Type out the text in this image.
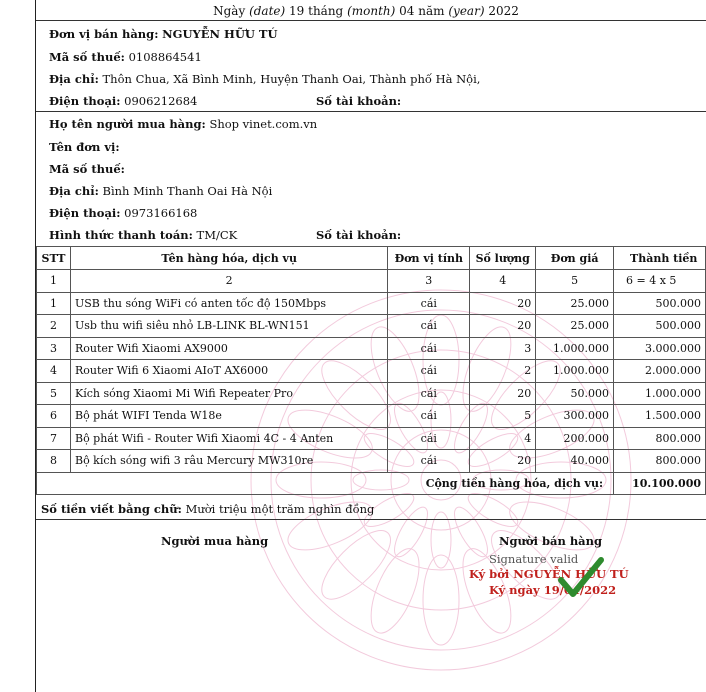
Ngày (date) 19 tháng (month) 04 năm (year) 2022
Đơn vị bán hàng: NGUYỄN HỮU TÚ
Mã số thuế: 0108864541
Địa chỉ: Thôn Chua, Xã Bình Minh, Huyện Thanh Oai, Thành phố Hà Nội,
Điện thoại: 0906212684	Số tài khoản:
Họ tên người mua hàng: Shop vinet.com.vn
Tên đơn vị:
Mã số thuế:
Địa chỉ: Bình Minh Thanh Oai Hà Nội
Điện thoại: 0973166168
Hình thức thanh toán: TM/CK	Số tài khoản:
STT	Tên hàng hóa, dịch vụ	Đơn vị tính	Số lượng	Đơn giá	Thành tiền
1	2	3	4	5	6 = 4 x 5
1	USB thu sóng WiFi có anten tốc độ 150Mbps	cái	20	25.000	500.000
2	Usb thu wifi siêu nhỏ LB-LINK BL-WN151	cái	20	25.000	500.000
3	Router Wifi Xiaomi AX9000	cái	3	1.000.000	3.000.000
4	Router Wifi 6 Xiaomi AIoT AX6000	cái	2	1.000.000	2.000.000
5	Kích sóng Xiaomi Mi Wifi Repeater Pro	cái	20	50.000	1.000.000
6	Bộ phát WIFI Tenda W18e	cái	5	300.000	1.500.000
7	Bộ phát Wifi - Router Wifi Xiaomi 4C - 4 Anten	cái	4	200.000	800.000
8	Bộ kích sóng wifi 3 râu Mercury MW310re	cái	20	40.000	800.000
Cộng tiền hàng hóa, dịch vụ:					10.100.000
Số tiền viết bằng chữ: Mười triệu một trăm nghìn đồng
Người mua hàng	Người bán hàng
Signature valid
Ký bởi NGUYỄN HỮU TÚ
Ký ngày 19/04/2022
